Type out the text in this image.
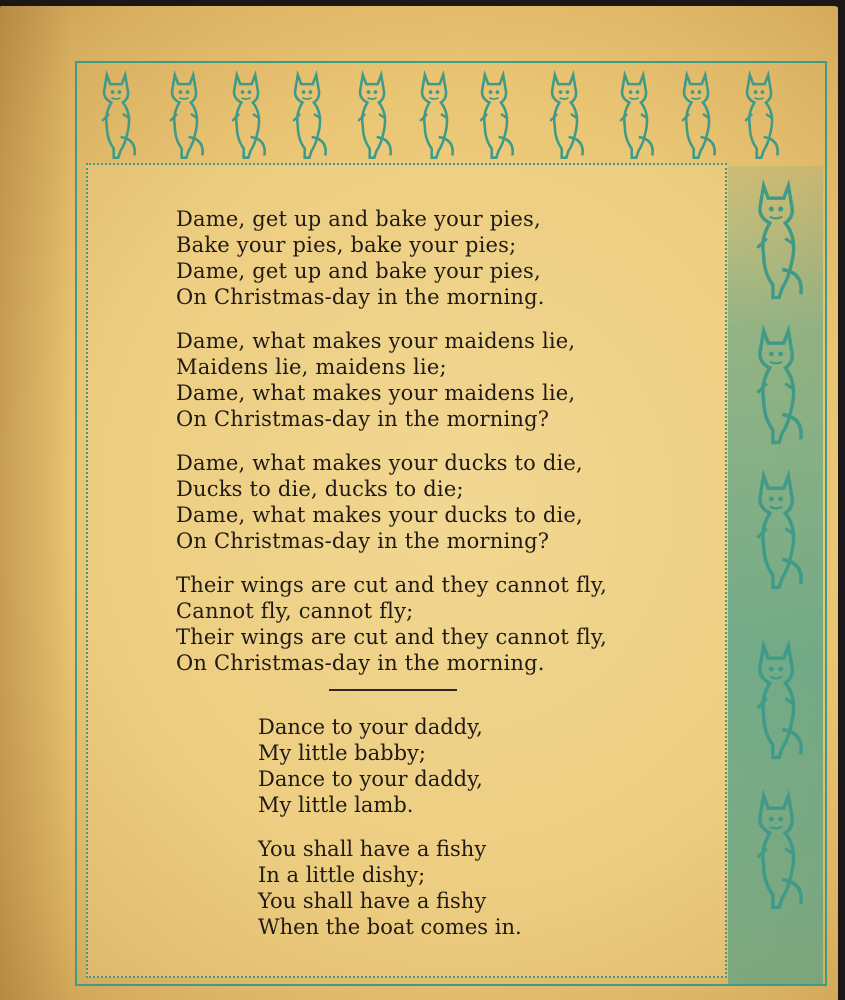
Dame, get up and bake your pies,
Bake your pies, bake your pies;
Dame, get up and bake your pies,
On Christmas-day in the morning.
Dame, what makes your maidens lie,
Maidens lie, maidens lie;
Dame, what makes your maidens lie,
On Christmas-day in the morning?
Dame, what makes your ducks to die,
Ducks to die, ducks to die;
Dame, what makes your ducks to die,
On Christmas-day in the morning?
Their wings are cut and they cannot fly,
Cannot fly, cannot fly;
Their wings are cut and they cannot fly,
On Christmas-day in the morning.
Dance to your daddy,
My little babby;
Dance to your daddy,
My little lamb.
You shall have a fishy
In a little dishy;
You shall have a fishy
When the boat comes in.
